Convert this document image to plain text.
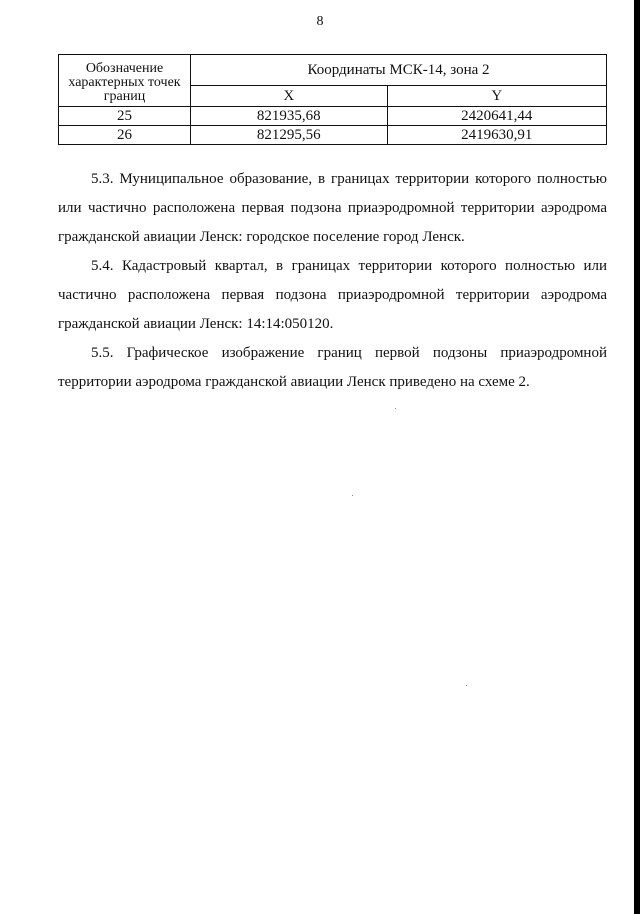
8
Обозначение характерных точек границ	Координаты МСК-14, зона 2	
	X	Y
25	821935,68	2420641,44
26	821295,56	2419630,91

5.3. Муниципальное образование, в границах территории которого полностью или частично расположена первая подзона приаэродромной территории аэродрома гражданской авиации Ленск: городское поселение город Ленск.

5.4. Кадастровый квартал, в границах территории которого полностью или частично расположена первая подзона приаэродромной территории аэродрома гражданской авиации Ленск: 14:14:050120.

5.5. Графическое изображение границ первой подзоны приаэродромной территории аэродрома гражданской авиации Ленск приведено на схеме 2.
